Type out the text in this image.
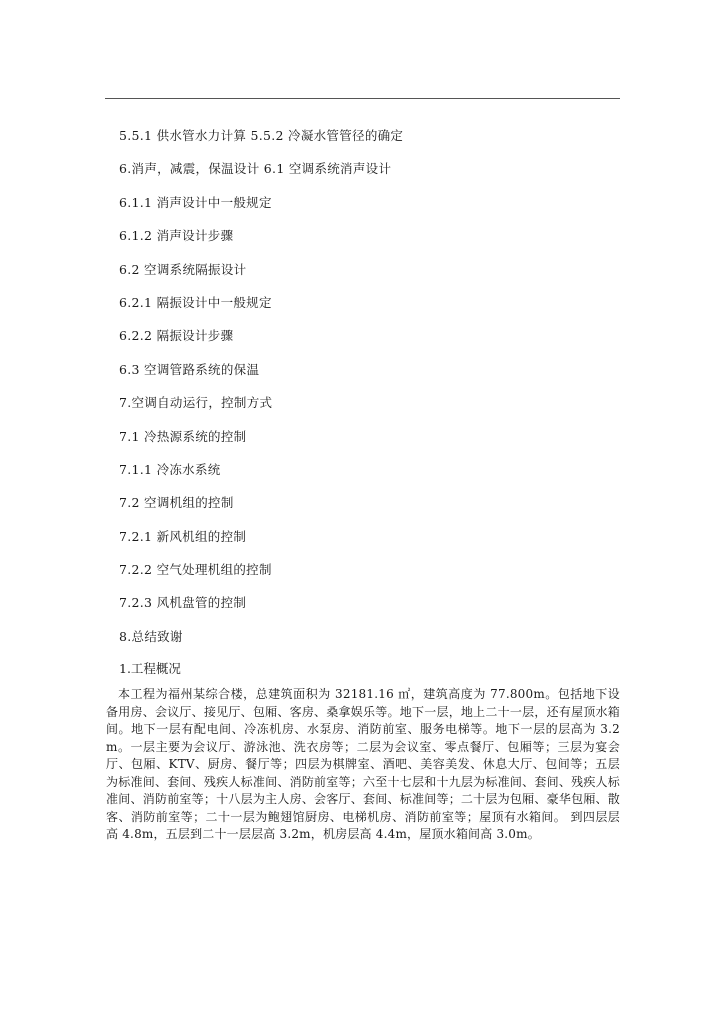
5.5.1 供水管水力计算 5.5.2 冷凝水管管径的确定
6.消声，减震，保温设计 6.1 空调系统消声设计
6.1.1 消声设计中一般规定
6.1.2 消声设计步骤
6.2 空调系统隔振设计
6.2.1 隔振设计中一般规定
6.2.2 隔振设计步骤
6.3 空调管路系统的保温
7.空调自动运行，控制方式
7.1 冷热源系统的控制
7.1.1 冷冻水系统
7.2 空调机组的控制
7.2.1 新风机组的控制
7.2.2 空气处理机组的控制
7.2.3 风机盘管的控制
8.总结致谢
1.工程概况
本工程为福州某综合楼，总建筑面积为 32181.16 ㎡，建筑高度为 77.800m。包括地下设备用房、会议厅、接见厅、包厢、客房、桑拿娱乐等。地下一层，地上二十一层，还有屋顶水箱间。地下一层有配电间、冷冻机房、水泵房、消防前室、服务电梯等。地下一层的层高为 3.2m。一层主要为会议厅、游泳池、洗衣房等；二层为会议室、零点餐厅、包厢等；三层为宴会厅、包厢、KTV、厨房、餐厅等；四层为棋牌室、酒吧、美容美发、休息大厅、包间等；五层为标准间、套间、残疾人标准间、消防前室等；六至十七层和十九层为标准间、套间、残疾人标准间、消防前室等；十八层为主人房、会客厅、套间、标准间等；二十层为包厢、豪华包厢、散客、消防前室等；二十一层为鲍翅馆厨房、电梯机房、消防前室等；屋顶有水箱间。 到四层层高 4.8m，五层到二十一层层高 3.2m，机房层高 4.4m，屋顶水箱间高 3.0m。
